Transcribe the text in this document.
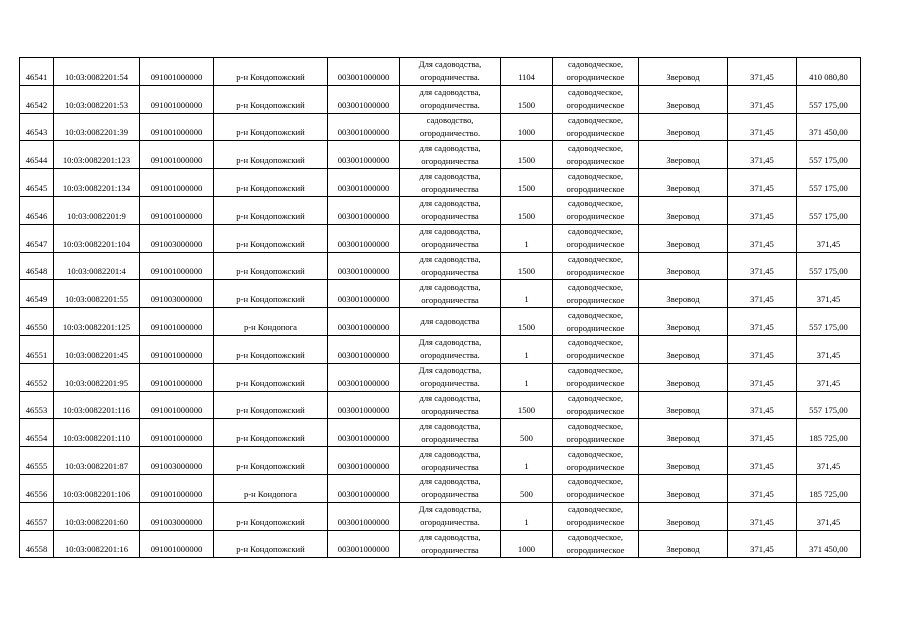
46541	10:03:0082201:54	091001000000	р-н Кондопожский	003001000000	Для садоводства, огородничества.	1104	садоводческое, огородническое	Зверовод	371,45	410 080,80
46542	10:03:0082201:53	091001000000	р-н Кондопожский	003001000000	для садоводства, огородничества.	1500	садоводческое, огородническое	Зверовод	371,45	557 175,00
46543	10:03:0082201:39	091001000000	р-н Кондопожский	003001000000	садоводство, огородничество.	1000	садоводческое, огородническое	Зверовод	371,45	371 450,00
46544	10:03:0082201:123	091001000000	р-н Кондопожский	003001000000	для садоводства, огородничества	1500	садоводческое, огородническое	Зверовод	371,45	557 175,00
46545	10:03:0082201:134	091001000000	р-н Кондопожский	003001000000	для садоводства, огородничества	1500	садоводческое, огородническое	Зверовод	371,45	557 175,00
46546	10:03:0082201:9	091001000000	р-н Кондопожский	003001000000	для садоводства, огородничества	1500	садоводческое, огородническое	Зверовод	371,45	557 175,00
46547	10:03:0082201:104	091003000000	р-н Кондопожский	003001000000	для садоводства, огородничества	1	садоводческое, огородническое	Зверовод	371,45	371,45
46548	10:03:0082201:4	091001000000	р-н Кондопожский	003001000000	для садоводства, огородничества	1500	садоводческое, огородническое	Зверовод	371,45	557 175,00
46549	10:03:0082201:55	091003000000	р-н Кондопожский	003001000000	для садоводства, огородничества	1	садоводческое, огородническое	Зверовод	371,45	371,45
46550	10:03:0082201:125	091001000000	р-н Кондопога	003001000000	для садоводства	1500	садоводческое, огородническое	Зверовод	371,45	557 175,00
46551	10:03:0082201:45	091001000000	р-н Кондопожский	003001000000	Для садоводства, огородничества.	1	садоводческое, огородническое	Зверовод	371,45	371,45
46552	10:03:0082201:95	091001000000	р-н Кондопожский	003001000000	Для садоводства, огородничества.	1	садоводческое, огородническое	Зверовод	371,45	371,45
46553	10:03:0082201:116	091001000000	р-н Кондопожский	003001000000	для садоводства, огородничества	1500	садоводческое, огородническое	Зверовод	371,45	557 175,00
46554	10:03:0082201:110	091001000000	р-н Кондопожский	003001000000	для садоводства, огородничества	500	садоводческое, огородническое	Зверовод	371,45	185 725,00
46555	10:03:0082201:87	091003000000	р-н Кондопожский	003001000000	для садоводства, огородничества	1	садоводческое, огородническое	Зверовод	371,45	371,45
46556	10:03:0082201:106	091001000000	р-н Кондопога	003001000000	для садоводства, огородничества	500	садоводческое, огородническое	Зверовод	371,45	185 725,00
46557	10:03:0082201:60	091003000000	р-н Кондопожский	003001000000	Для садоводства, огородничества.	1	садоводческое, огородническое	Зверовод	371,45	371,45
46558	10:03:0082201:16	091001000000	р-н Кондопожский	003001000000	для садоводства, огородничества	1000	садоводческое, огородническое	Зверовод	371,45	371 450,00
